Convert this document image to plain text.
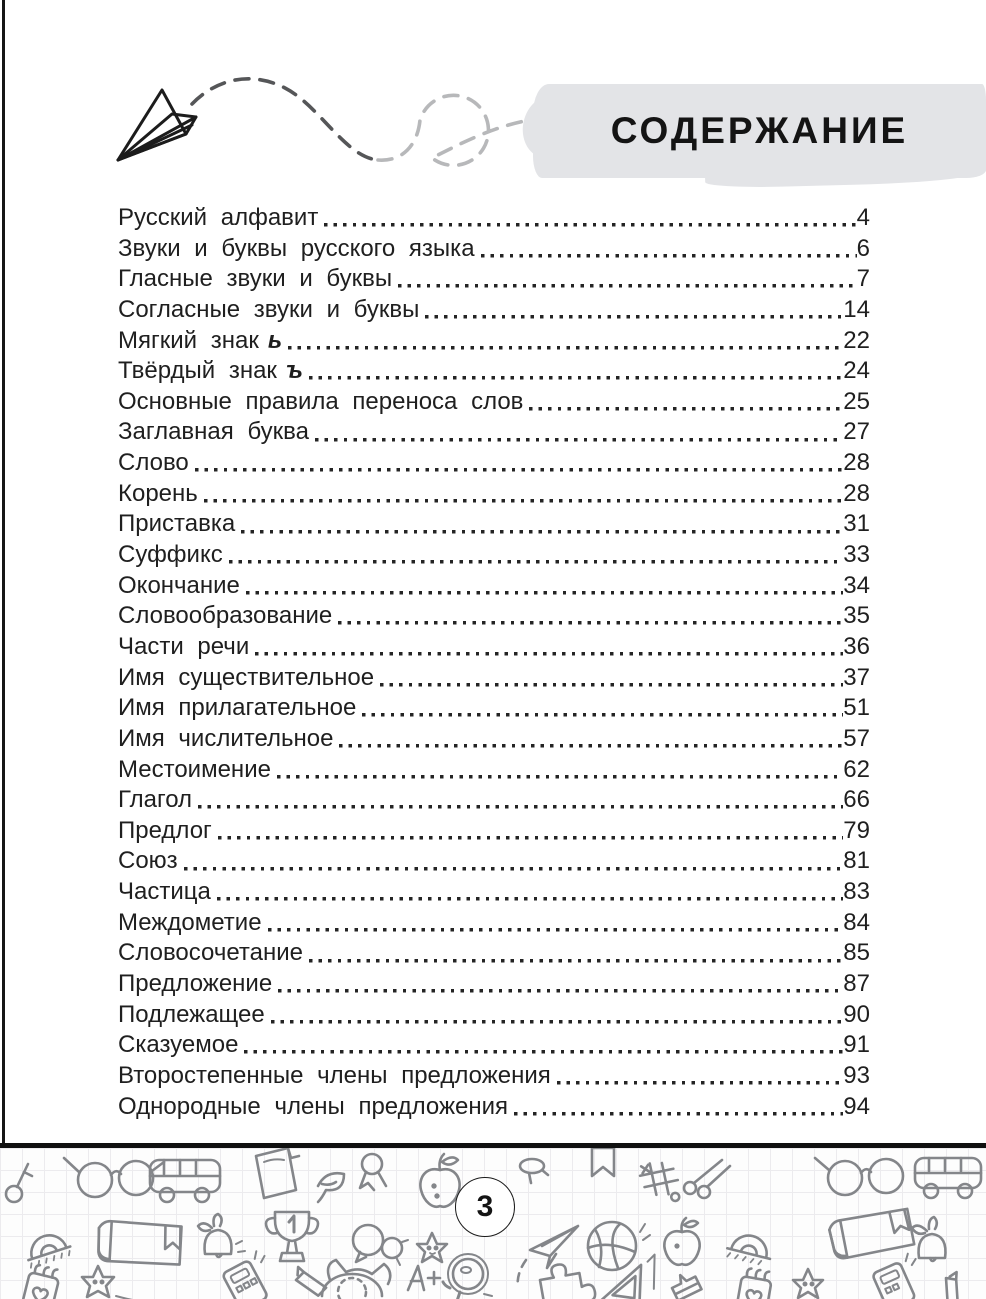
СОДЕРЖАНИЕ
Русский алфавит	4
Звуки и буквы русского языка	6
Гласные звуки и буквы	7
Согласные звуки и буквы	14
Мягкий знак ь	22
Твёрдый знак ъ	24
Основные правила переноса слов	25
Заглавная буква	27
Слово	28
Корень	28
Приставка	31
Суффикс	33
Окончание	34
Словообразование	35
Части речи	36
Имя существительное	37
Имя прилагательное	51
Имя числительное	57
Местоимение	62
Глагол	66
Предлог	79
Союз	81
Частица	83
Междометие	84
Словосочетание	85
Предложение	87
Подлежащее	90
Сказуемое	91
Второстепенные члены предложения	93
Однородные члены предложения	94
3
